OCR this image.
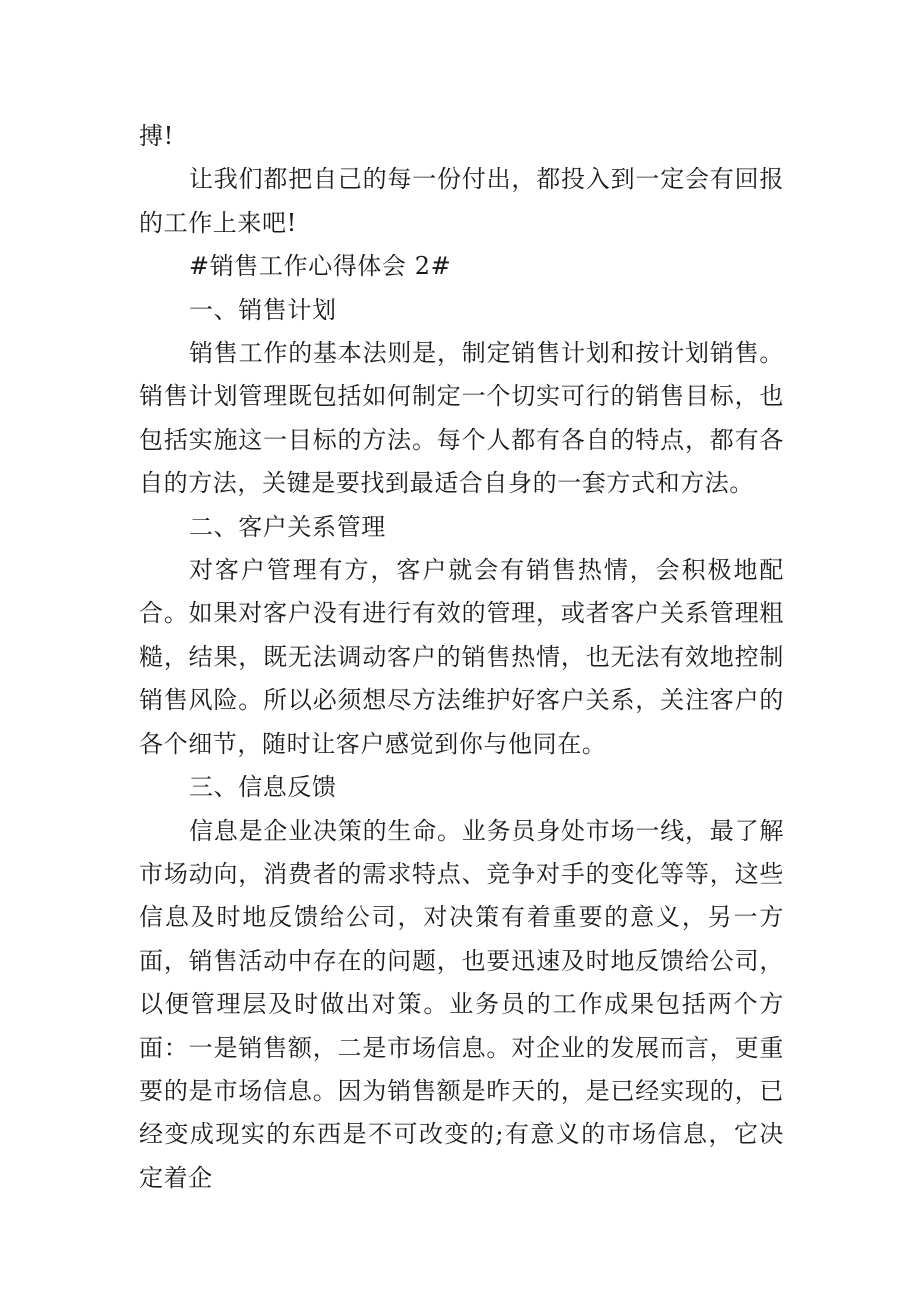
搏!

让我们都把自己的每一份付出，都投入到一定会有回报的工作上来吧!

#销售工作心得体会 2#

一、销售计划

销售工作的基本法则是，制定销售计划和按计划销售。销售计划管理既包括如何制定一个切实可行的销售目标，也包括实施这一目标的方法。每个人都有各自的特点，都有各自的方法，关键是要找到最适合自身的一套方式和方法。

二、客户关系管理

对客户管理有方，客户就会有销售热情，会积极地配合。如果对客户没有进行有效的管理，或者客户关系管理粗糙，结果，既无法调动客户的销售热情，也无法有效地控制销售风险。所以必须想尽方法维护好客户关系，关注客户的各个细节，随时让客户感觉到你与他同在。

三、信息反馈

信息是企业决策的生命。业务员身处市场一线，最了解市场动向，消费者的需求特点、竞争对手的变化等等，这些信息及时地反馈给公司，对决策有着重要的意义，另一方面，销售活动中存在的问题，也要迅速及时地反馈给公司，以便管理层及时做出对策。业务员的工作成果包括两个方面：一是销售额，二是市场信息。对企业的发展而言，更重要的是市场信息。因为销售额是昨天的，是已经实现的，已经变成现实的东西是不可改变的;有意义的市场信息，它决定着企
